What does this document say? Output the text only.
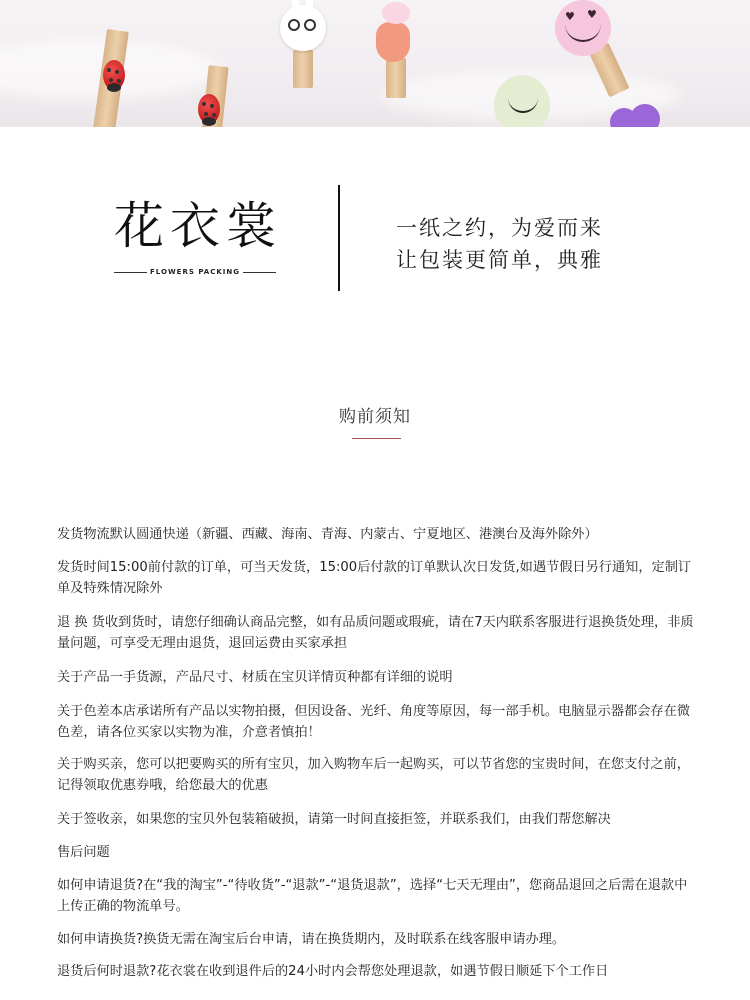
♥ ♥
花衣裳
FLOWERS PACKING
一纸之约，为爱而来
让包装更简单，典雅
购前须知
发货物流默认圆通快递（新疆、西藏、海南、青海、内蒙古、宁夏地区、港澳台及海外除外）
发货时间15:00前付款的订单，可当天发货，15:00后付款的订单默认次日发货,如遇节假日另行通知，定制订单及特殊情况除外
退 换 货收到货时，请您仔细确认商品完整，如有品质问题或瑕疵，请在7天内联系客服进行退换货处理，非质量问题，可享受无理由退货，退回运费由买家承担
关于产品一手货源，产品尺寸、材质在宝贝详情页种都有详细的说明
关于色差本店承诺所有产品以实物拍摄，但因设备、光纤、角度等原因，每一部手机。电脑显示器都会存在微色差，请各位买家以实物为准，介意者慎拍！
关于购买亲，您可以把要购买的所有宝贝，加入购物车后一起购买，可以节省您的宝贵时间，在您支付之前，记得领取优惠券哦，给您最大的优惠
关于签收亲，如果您的宝贝外包装箱破损，请第一时间直接拒签，并联系我们，由我们帮您解决
售后问题
如何申请退货?在“我的淘宝”-“待收货”-“退款”-“退货退款”，选择“七天无理由”，您商品退回之后需在退款中上传正确的物流单号。
如何申请换货?换货无需在淘宝后台申请，请在换货期内，及时联系在线客服申请办理。
退货后何时退款?花衣裳在收到退件后的24小时内会帮您处理退款，如遇节假日顺延下个工作日
